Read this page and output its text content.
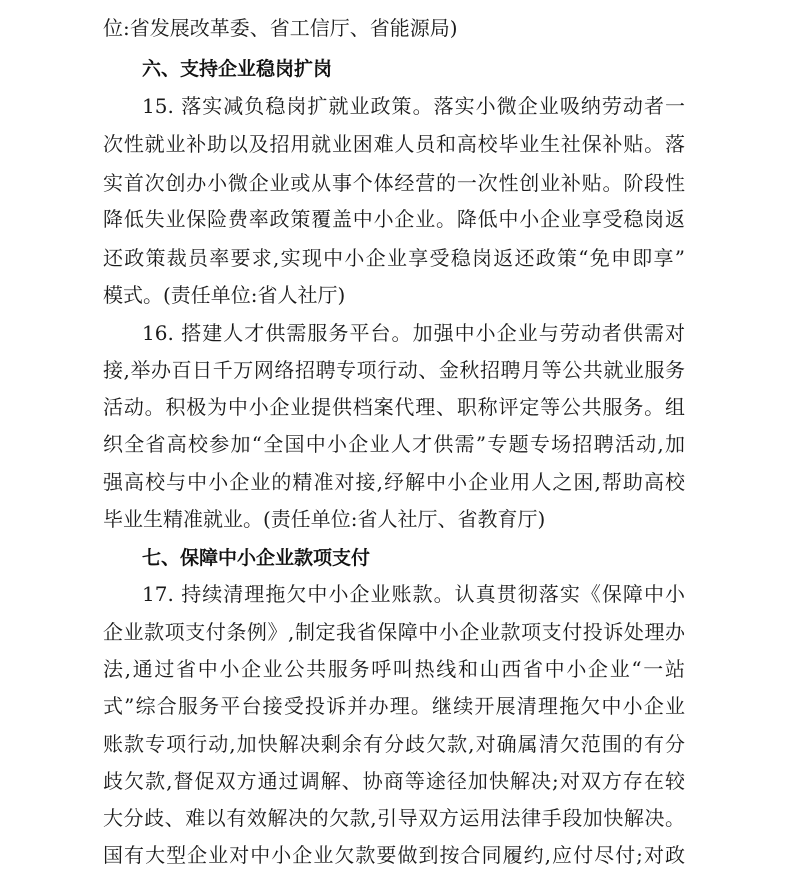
位:省发展改革委、省工信厅、省能源局)
六、支持企业稳岗扩岗
15. 落实减负稳岗扩就业政策。落实小微企业吸纳劳动者一
次性就业补助以及招用就业困难人员和高校毕业生社保补贴。落
实首次创办小微企业或从事个体经营的一次性创业补贴。阶段性
降低失业保险费率政策覆盖中小企业。降低中小企业享受稳岗返
还政策裁员率要求,实现中小企业享受稳岗返还政策“免申即享”
模式。(责任单位:省人社厅)
16. 搭建人才供需服务平台。加强中小企业与劳动者供需对
接,举办百日千万网络招聘专项行动、金秋招聘月等公共就业服务
活动。积极为中小企业提供档案代理、职称评定等公共服务。组
织全省高校参加“全国中小企业人才供需”专题专场招聘活动,加
强高校与中小企业的精准对接,纾解中小企业用人之困,帮助高校
毕业生精准就业。(责任单位:省人社厅、省教育厅)
七、保障中小企业款项支付
17. 持续清理拖欠中小企业账款。认真贯彻落实《保障中小
企业款项支付条例》,制定我省保障中小企业款项支付投诉处理办
法,通过省中小企业公共服务呼叫热线和山西省中小企业“一站
式”综合服务平台接受投诉并办理。继续开展清理拖欠中小企业
账款专项行动,加快解决剩余有分歧欠款,对确属清欠范围的有分
歧欠款,督促双方通过调解、协商等途径加快解决;对双方存在较
大分歧、难以有效解决的欠款,引导双方运用法律手段加快解决。
国有大型企业对中小企业欠款要做到按合同履约,应付尽付;对政
